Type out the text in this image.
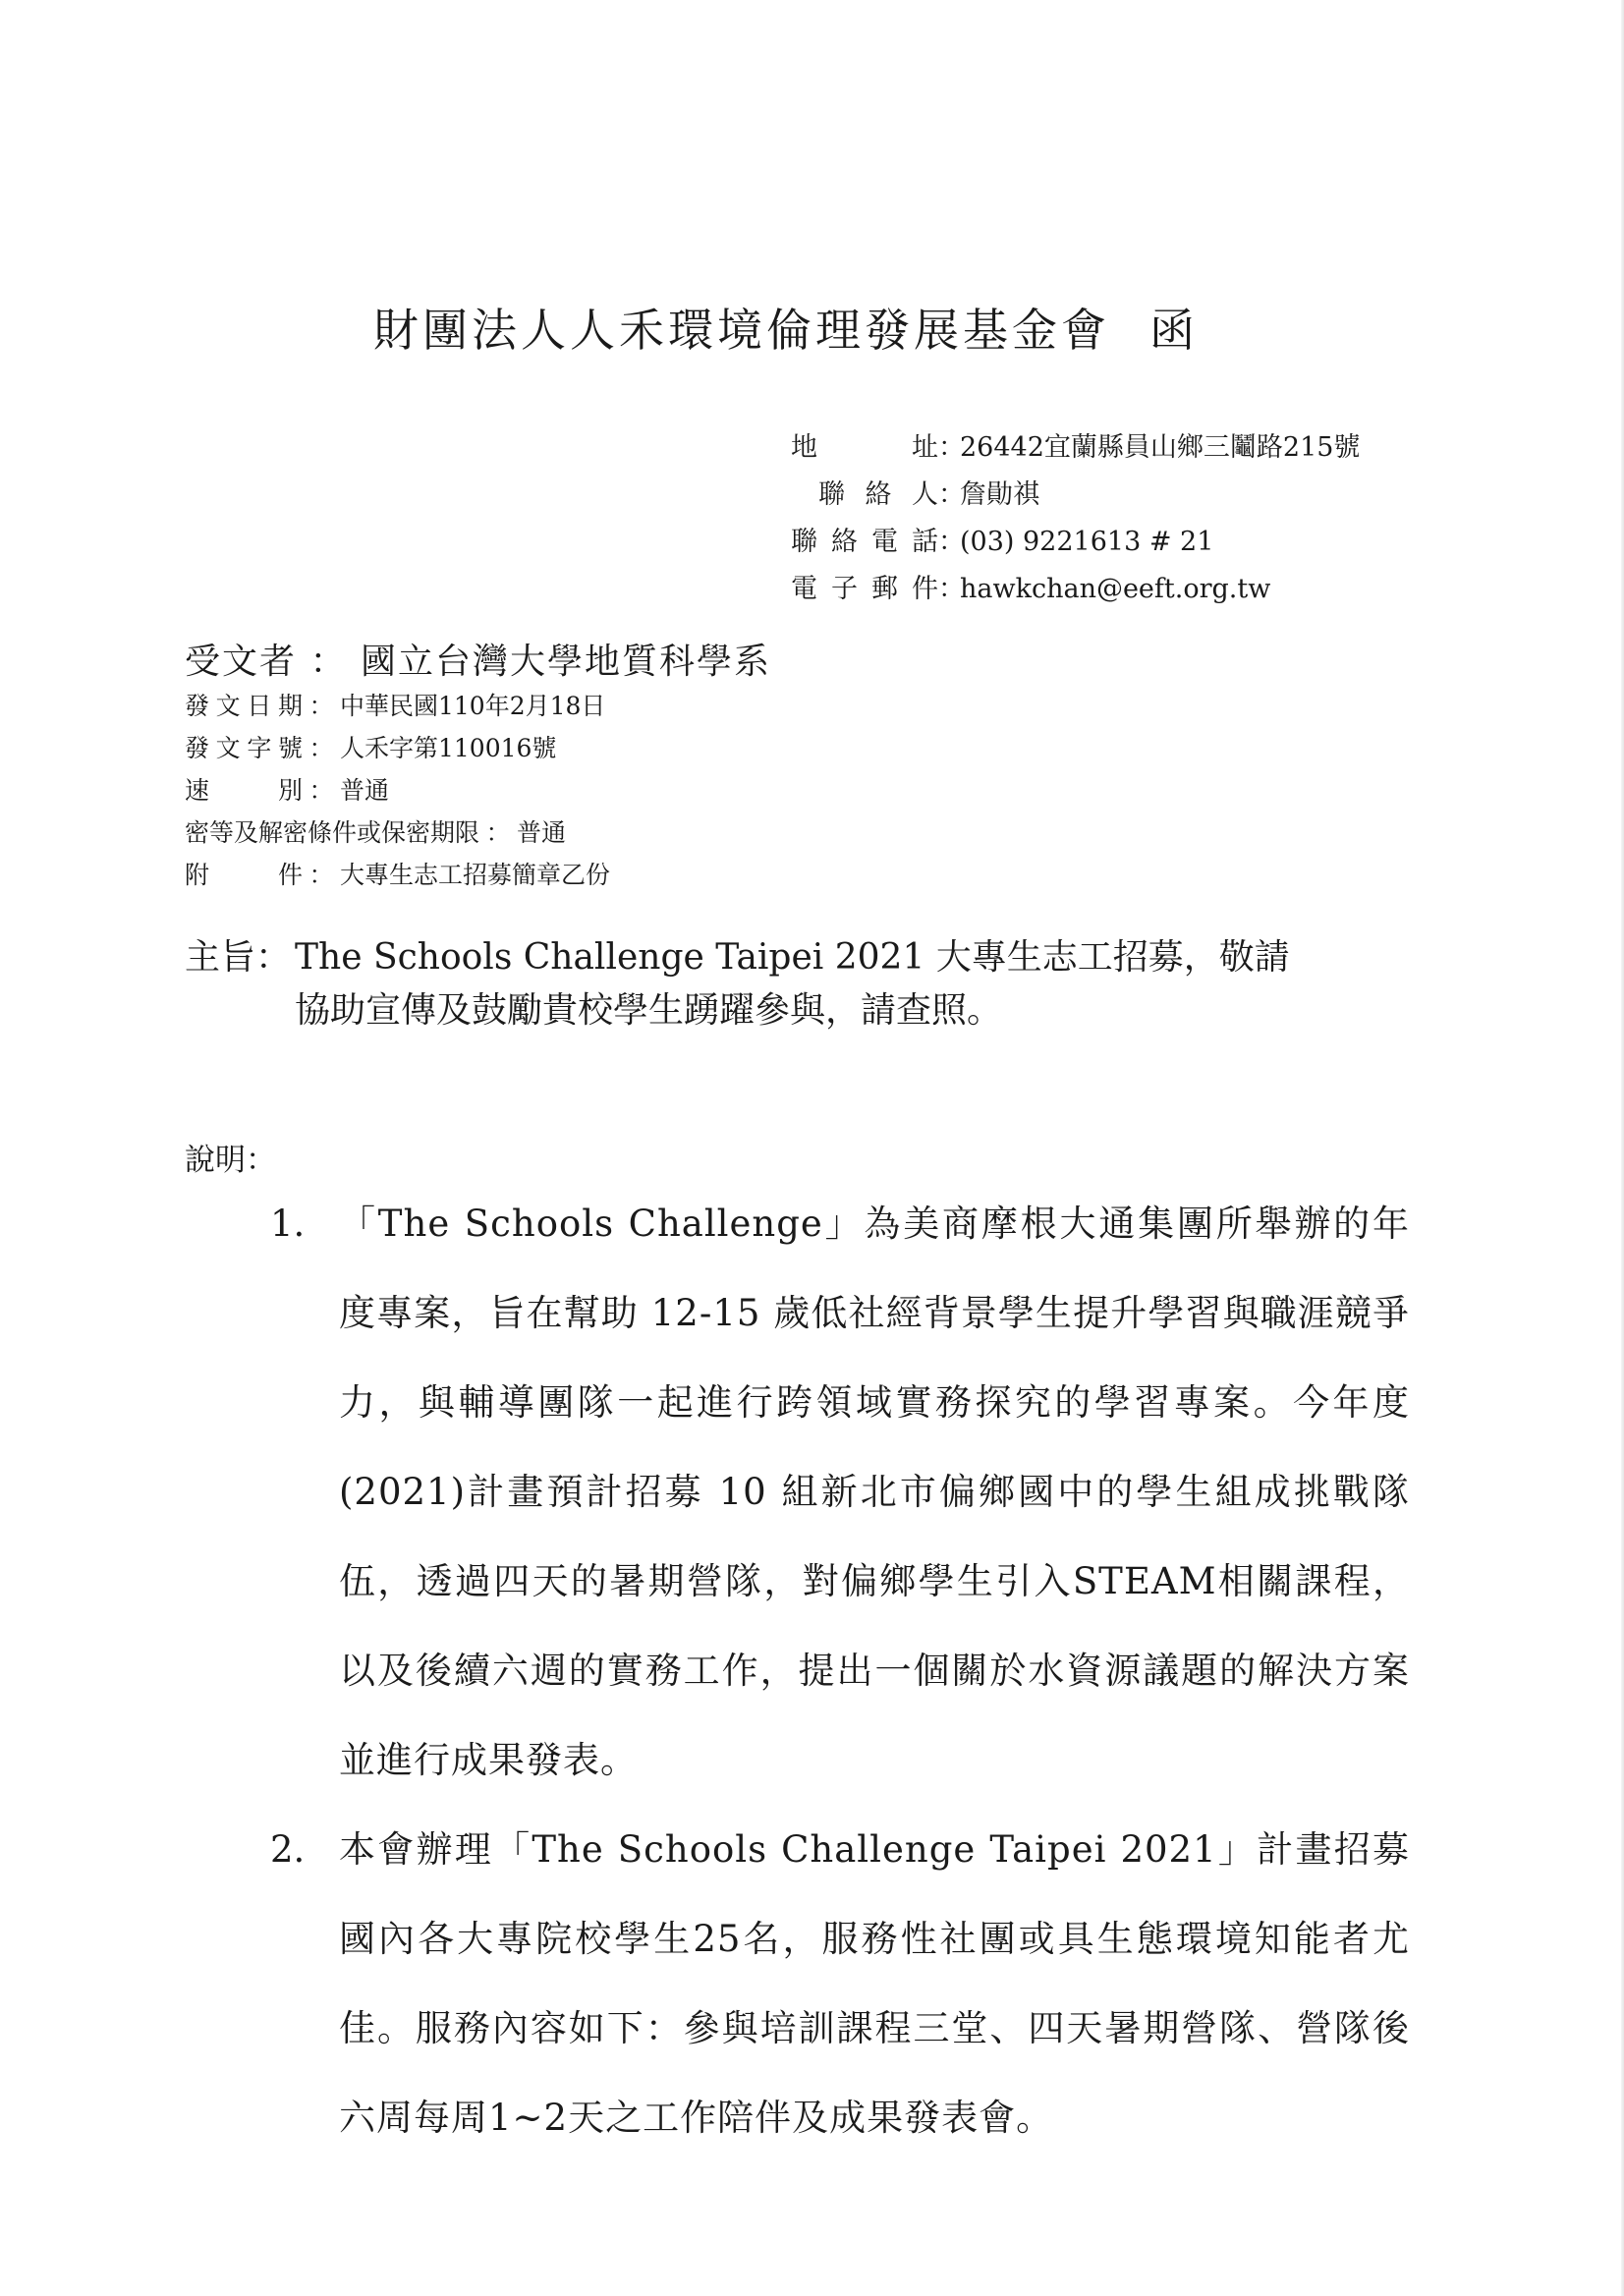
財團法人人禾環境倫理發展基金會 函
地址 ：
26442宜蘭縣員山鄉三鬮路215號
聯絡人 ：
詹勛祺
聯絡電話 ：
(03) 9221613 # 21
電子郵件 ：
hawkchan@eeft.org.tw
受文者 ： 國立台灣大學地質科學系
發文日期 ： 中華民國110年2月18日
發文字號 ： 人禾字第110016號
速別 ： 普通
密等及解密條件或保密期限 ： 普通
附件 ： 大專生志工招募簡章乙份
主旨： The Schools Challenge Taipei 2021 大專生志工招募，敬請
協助宣傳及鼓勵貴校學生踴躍參與，請查照。
說明：
1. 「The Schools Challenge」為美商摩根大通集團所舉辦的年度專案，旨在幫助 12-15 歲低社經背景學生提升學習與職涯競爭力，與輔導團隊一起進行跨領域實務探究的學習專案。今年度(2021)計畫預計招募 10 組新北市偏鄉國中的學生組成挑戰隊伍，透過四天的暑期營隊，對偏鄉學生引入STEAM相關課程，以及後續六週的實務工作，提出一個關於水資源議題的解決方案並進行成果發表。
2. 本會辦理「The Schools Challenge Taipei 2021」計畫招募國內各大專院校學生25名，服務性社團或具生態環境知能者尤佳。服務內容如下：參與培訓課程三堂、四天暑期營隊、營隊後六周每周1~2天之工作陪伴及成果發表會。
